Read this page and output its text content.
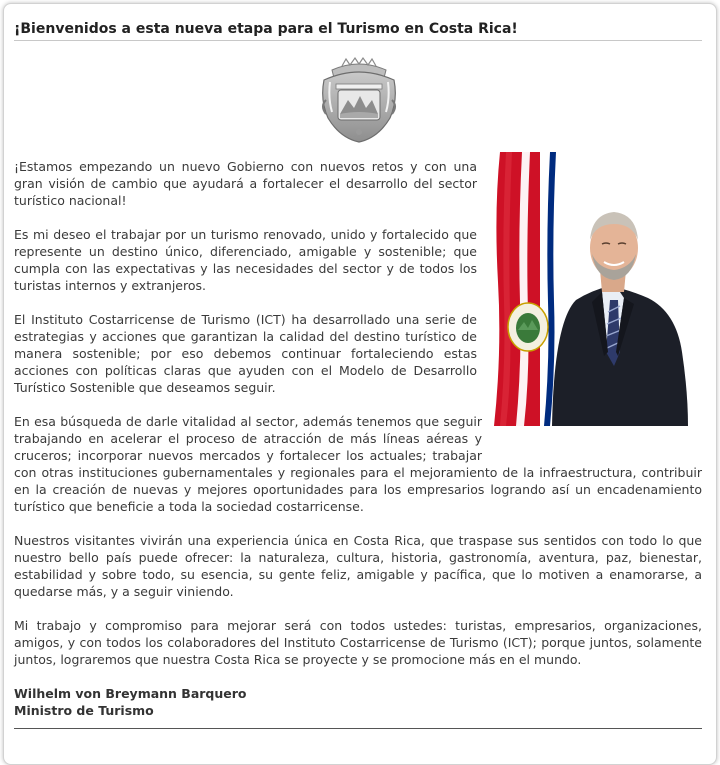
¡Bienvenidos a esta nueva etapa para el Turismo en Costa Rica!

¡Estamos empezando un nuevo Gobierno con nuevos retos y con una gran visión de cambio que ayudará a fortalecer el desarrollo del sector turístico nacional!

Es mi deseo el trabajar por un turismo renovado, unido y fortalecido que represente un destino único, diferenciado, amigable y sostenible; que cumpla con las expectativas y las necesidades del sector y de todos los turistas internos y extranjeros.

El Instituto Costarricense de Turismo (ICT) ha desarrollado una serie de estrategias y acciones que garantizan la calidad del destino turístico de manera sostenible; por eso debemos continuar fortaleciendo estas acciones con políticas claras que ayuden con el Modelo de Desarrollo Turístico Sostenible que deseamos seguir.

En esa búsqueda de darle vitalidad al sector, además tenemos que seguir trabajando en acelerar el proceso de atracción de más líneas aéreas y cruceros; incorporar nuevos mercados y fortalecer los actuales; trabajar con otras instituciones gubernamentales y regionales para el mejoramiento de la infraestructura, contribuir en la creación de nuevas y mejores oportunidades para los empresarios logrando así un encadenamiento turístico que beneficie a toda la sociedad costarricense.

Nuestros visitantes vivirán una experiencia única en Costa Rica, que traspase sus sentidos con todo lo que nuestro bello país puede ofrecer: la naturaleza, cultura, historia, gastronomía, aventura, paz, bienestar, estabilidad y sobre todo, su esencia, su gente feliz, amigable y pacífica, que lo motiven a enamorarse, a quedarse más, y a seguir viniendo.

Mi trabajo y compromiso para mejorar será con todos ustedes: turistas, empresarios, organizaciones, amigos, y con todos los colaboradores del Instituto Costarricense de Turismo (ICT); porque juntos, solamente juntos, lograremos que nuestra Costa Rica se proyecte y se promocione más en el mundo.

Wilhelm von Breymann Barquero
Ministro de Turismo
